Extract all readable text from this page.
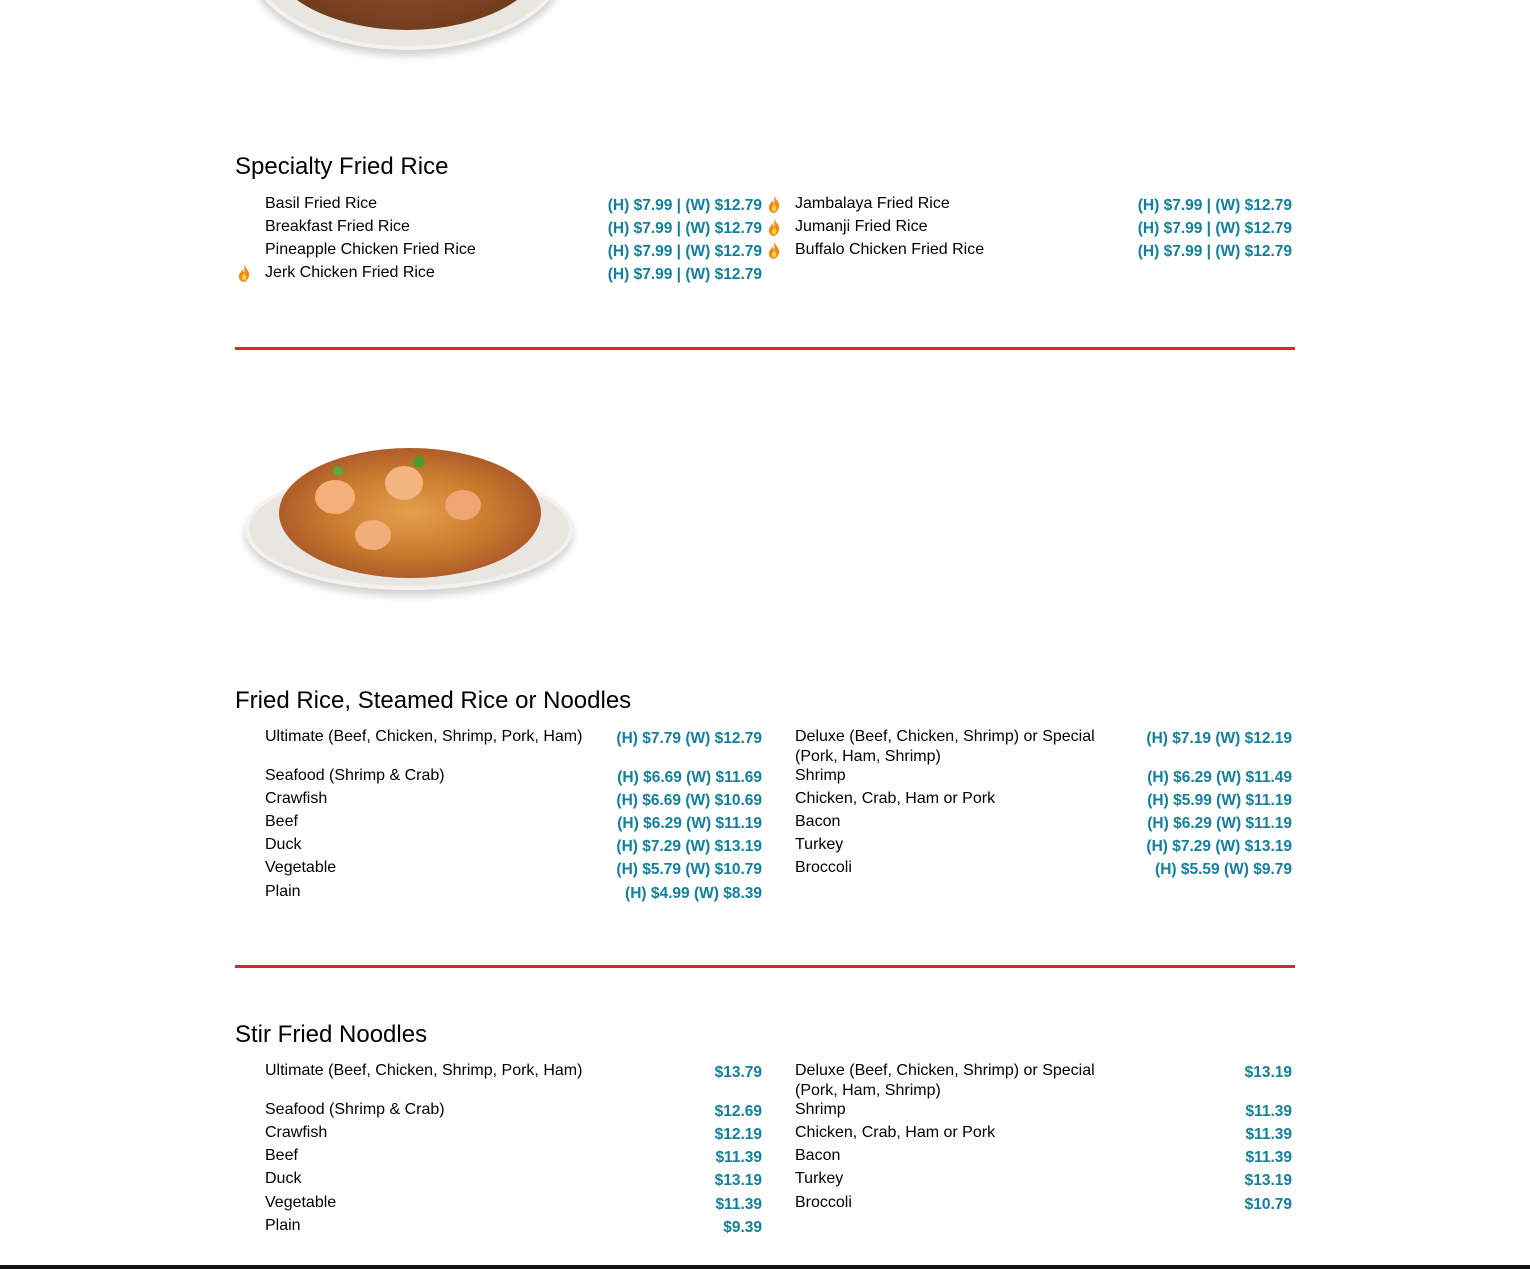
Specialty Fried Rice
Basil Fried Rice	(H) $7.99 | (W) $12.79
Breakfast Fried Rice	(H) $7.99 | (W) $12.79
Pineapple Chicken Fried Rice	(H) $7.99 | (W) $12.79
Jerk Chicken Fried Rice	(H) $7.99 | (W) $12.79
Jambalaya Fried Rice	(H) $7.99 | (W) $12.79
Jumanji Fried Rice	(H) $7.99 | (W) $12.79
Buffalo Chicken Fried Rice	(H) $7.99 | (W) $12.79
Fried Rice, Steamed Rice or Noodles
Ultimate (Beef, Chicken, Shrimp, Pork, Ham)	(H) $7.79 (W) $12.79
Seafood (Shrimp & Crab)	(H) $6.69 (W) $11.69
Crawfish	(H) $6.69 (W) $10.69
Beef	(H) $6.29 (W) $11.19
Duck	(H) $7.29 (W) $13.19
Vegetable	(H) $5.79 (W) $10.79
Plain	(H) $4.99 (W) $8.39
Deluxe (Beef, Chicken, Shrimp) or Special (Pork, Ham, Shrimp)
(H) $7.19 (W) $12.19
Shrimp	(H) $6.29 (W) $11.49
Chicken, Crab, Ham or Pork	(H) $5.99 (W) $11.19
Bacon	(H) $6.29 (W) $11.19
Turkey	(H) $7.29 (W) $13.19
Broccoli	(H) $5.59 (W) $9.79
Stir Fried Noodles
Ultimate (Beef, Chicken, Shrimp, Pork, Ham)	$13.79
Seafood (Shrimp & Crab)	$12.69
Crawfish	$12.19
Beef	$11.39
Duck	$13.19
Vegetable	$11.39
Plain	$9.39
Deluxe (Beef, Chicken, Shrimp) or Special (Pork, Ham, Shrimp)
$13.19
Shrimp	$11.39
Chicken, Crab, Ham or Pork	$11.39
Bacon	$11.39
Turkey	$13.19
Broccoli	$10.79
